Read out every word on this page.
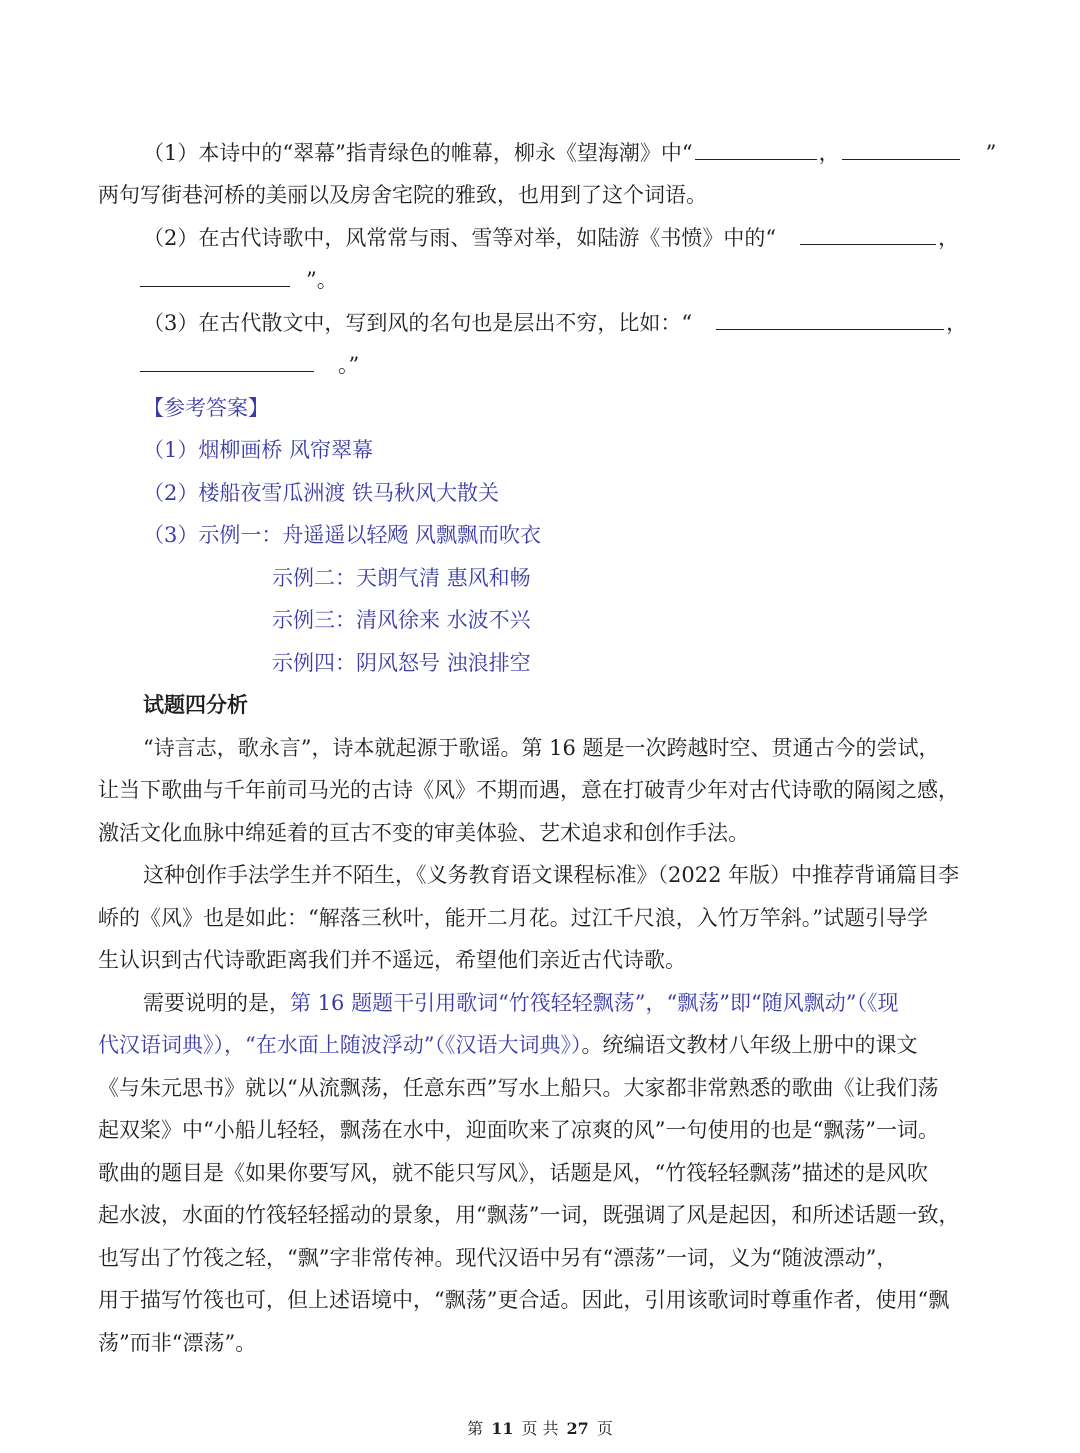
（1）本诗中的“翠幕”指青绿色的帷幕，柳永《望海潮》中“	，	”
两句写街巷河桥的美丽以及房舍宅院的雅致，也用到了这个词语。
（2）在古代诗歌中，风常常与雨、雪等对举，如陆游《书愤》中的“	，
”。
（3）在古代散文中，写到风的名句也是层出不穷，比如：“	，
。”
【参考答案】
（1）烟柳画桥 风帘翠幕
（2）楼船夜雪瓜洲渡 铁马秋风大散关
（3）示例一：舟遥遥以轻飏 风飘飘而吹衣
示例二：天朗气清 惠风和畅
示例三：清风徐来 水波不兴
示例四：阴风怒号 浊浪排空
试题四分析
“诗言志，歌永言”，诗本就起源于歌谣。第 16 题是一次跨越时空、贯通古今的尝试，
让当下歌曲与千年前司马光的古诗《风》不期而遇，意在打破青少年对古代诗歌的隔阂之感，
激活文化血脉中绵延着的亘古不变的审美体验、艺术追求和创作手法。
这种创作手法学生并不陌生，《义务教育语文课程标准》（2022 年版）中推荐背诵篇目李
峤的《风》也是如此：“解落三秋叶，能开二月花。过江千尺浪，入竹万竿斜。”试题引导学
生认识到古代诗歌距离我们并不遥远，希望他们亲近古代诗歌。
需要说明的是，第 16 题题干引用歌词“竹筏轻轻飘荡”，“飘荡”即“随风飘动”（《现
代汉语词典》），“在水面上随波浮动”（《汉语大词典》）。统编语文教材八年级上册中的课文
《与朱元思书》就以“从流飘荡，任意东西”写水上船只。大家都非常熟悉的歌曲《让我们荡
起双桨》中“小船儿轻轻，飘荡在水中，迎面吹来了凉爽的风”一句使用的也是“飘荡”一词。
歌曲的题目是《如果你要写风，就不能只写风》，话题是风，“竹筏轻轻飘荡”描述的是风吹
起水波，水面的竹筏轻轻摇动的景象，用“飘荡”一词，既强调了风是起因，和所述话题一致，
也写出了竹筏之轻，“飘”字非常传神。现代汉语中另有“漂荡”一词，义为“随波漂动”，
用于描写竹筏也可，但上述语境中，“飘荡”更合适。因此，引用该歌词时尊重作者，使用“飘
荡”而非“漂荡”。
第 11 页 共 27 页
